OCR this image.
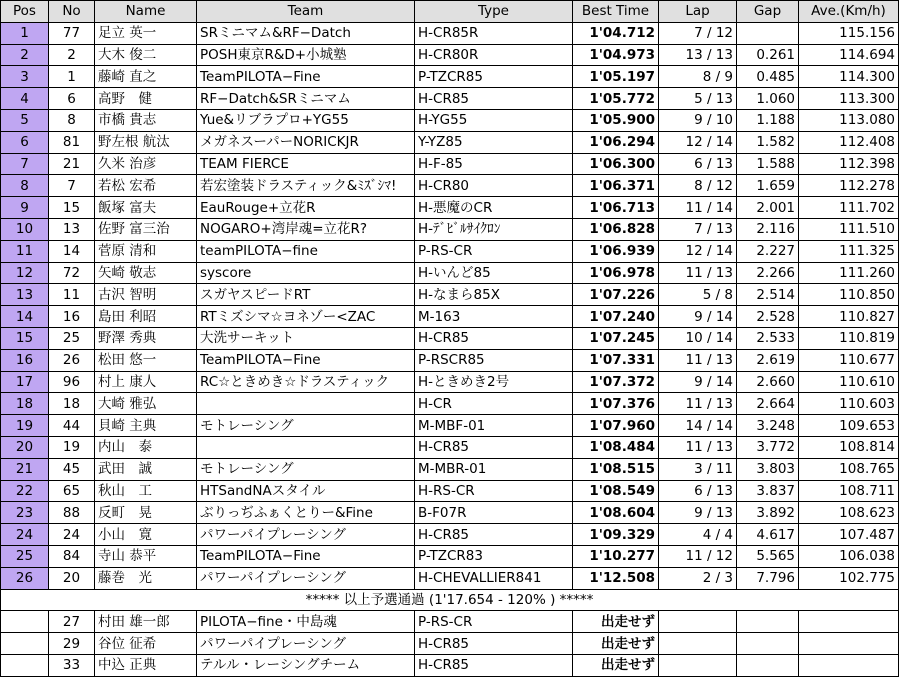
Pos	No	Name	Team	Type	Best Time	Lap	Gap	Ave.(Km/h)
1	77	足立 英一	SRミニマム&RF−Datch	H-CR85R	1'04.712	7 / 12		115.156
2	2	大木 俊二	POSH東京R&D+小城塾	H-CR80R	1'04.973	13 / 13	0.261	114.694
3	1	藤崎 直之	TeamPILOTA−Fine	P-TZCR85	1'05.197	8 / 9	0.485	114.300
4	6	高野　健	RF−Datch&SRミニマム	H-CR85	1'05.772	5 / 13	1.060	113.300
5	8	市橋 貴志	Yue&リブラプロ+YG55	H-YG55	1'05.900	9 / 10	1.188	113.080
6	81	野左根 航汰	メガネスーパーNORICKJR	Y-YZ85	1'06.294	12 / 14	1.582	112.408
7	21	久米 治彦	TEAM FIERCE	H-F-85	1'06.300	6 / 13	1.588	112.398
8	7	若松 宏希	若宏塗装ドラスティック&ﾐｽﾞｼﾏ!	H-CR80	1'06.371	8 / 12	1.659	112.278
9	15	飯塚 富夫	EauRouge+立花R	H-悪魔のCR	1'06.713	11 / 14	2.001	111.702
10	13	佐野 富三治	NOGARO+湾岸魂=立花R?	H-ﾃﾞﾋﾞﾙｻｲｸﾛﾝ	1'06.828	7 / 13	2.116	111.510
11	14	菅原 清和	teamPILOTA−fine	P-RS-CR	1'06.939	12 / 14	2.227	111.325
12	72	矢崎 敬志	syscore	H-いんど85	1'06.978	11 / 13	2.266	111.260
13	11	古沢 智明	スガヤスピードRT	H-なまら85X	1'07.226	5 / 8	2.514	110.850
14	16	島田 利昭	RTミズシマ☆ヨネゾー<ZAC	M-163	1'07.240	9 / 14	2.528	110.827
15	25	野澤 秀典	大洗サーキット	H-CR85	1'07.245	10 / 14	2.533	110.819
16	26	松田 悠一	TeamPILOTA−Fine	P-RSCR85	1'07.331	11 / 13	2.619	110.677
17	96	村上 康人	RC☆ときめき☆ドラスティック	H-ときめき2号	1'07.372	9 / 14	2.660	110.610
18	18	大崎 雅弘		H-CR	1'07.376	11 / 13	2.664	110.603
19	44	貝崎 主典	モトレーシング	M-MBF-01	1'07.960	14 / 14	3.248	109.653
20	19	内山　泰		H-CR85	1'08.484	11 / 13	3.772	108.814
21	45	武田　誠	モトレーシング	M-MBR-01	1'08.515	3 / 11	3.803	108.765
22	65	秋山　工	HTSandNAスタイル	H-RS-CR	1'08.549	6 / 13	3.837	108.711
23	88	反町　晃	ぶりっぢふぁくとりー&Fine	B-F07R	1'08.604	9 / 13	3.892	108.623
24	24	小山　寛	パワーパイプレーシング	H-CR85	1'09.329	4 / 4	4.617	107.487
25	84	寺山 恭平	TeamPILOTA−Fine	P-TZCR83	1'10.277	11 / 12	5.565	106.038
26	20	藤巻　光	パワーパイプレーシング	H-CHEVALLIER841	1'12.508	2 / 3	7.796	102.775
***** 以上予選通過 (1'17.654 - 120% ) *****								
	27	村田 雄一郎	PILOTA−fine・中島魂	P-RS-CR	出走せず			
	29	谷位 征希	パワーパイプレーシング	H-CR85	出走せず			
	33	中込 正典	テルル・レーシングチーム	H-CR85	出走せず			
